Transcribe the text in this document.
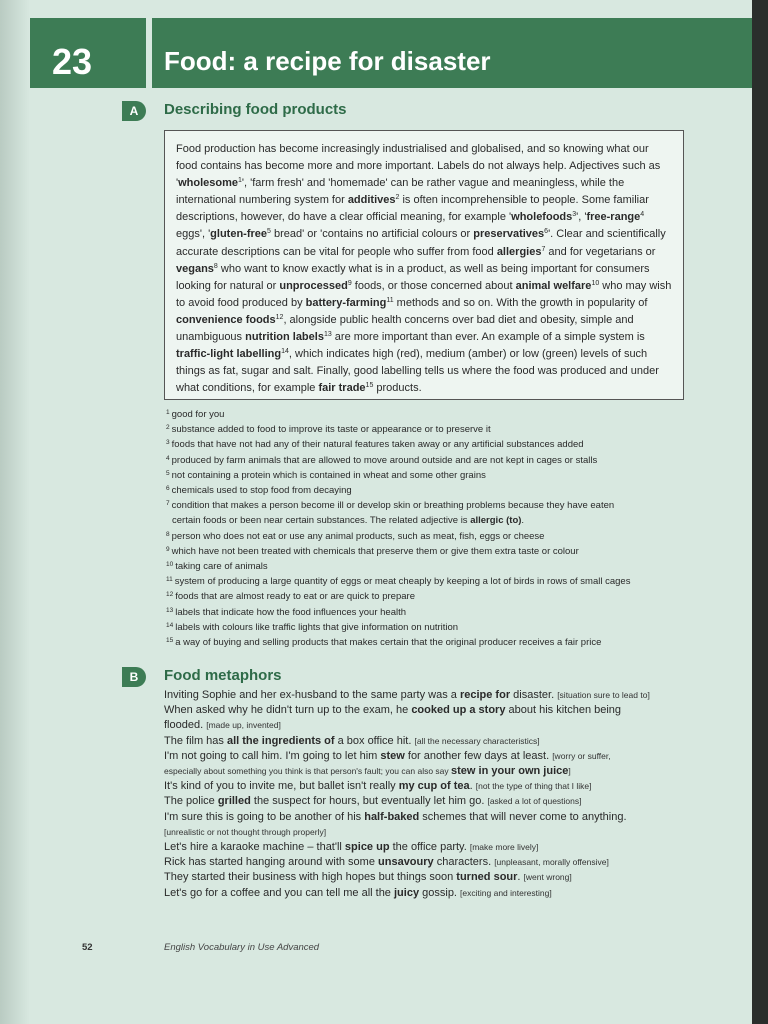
23	Food: a recipe for disaster
A	Describing food products

Food production has become increasingly industrialised and globalised, and so knowing what our food contains has become more and more important. Labels do not always help. Adjectives such as 'wholesome$^1$', 'farm fresh' and 'homemade' can be rather vague and meaningless, while the international numbering system for additives$^2$ is often incomprehensible to people. Some familiar descriptions, however, do have a clear official meaning, for example 'wholefoods$^3$', 'free-range$^4$ eggs', 'gluten-free$^5$ bread' or 'contains no artificial colours or preservatives$^6$'. Clear and scientifically accurate descriptions can be vital for people who suffer from food allergies$^7$ and for vegetarians or vegans$^8$ who want to know exactly what is in a product, as well as being important for consumers looking for natural or unprocessed$^9$ foods, or those concerned about animal welfare$^{10}$ who may wish to avoid food produced by battery-farming$^{11}$ methods and so on. With the growth in popularity of convenience foods$^{12}$, alongside public health concerns over bad diet and obesity, simple and unambiguous nutrition labels$^{13}$ are more important than ever. An example of a simple system is traffic-light labelling$^{14}$, which indicates high (red), medium (amber) or low (green) levels of such things as fat, sugar and salt. Finally, good labelling tells us where the food was produced and under what conditions, for example fair trade$^{15}$ products.

$^1$ good for you
$^2$ substance added to food to improve its taste or appearance or to preserve it
$^3$ foods that have not had any of their natural features taken away or any artificial substances added
$^4$ produced by farm animals that are allowed to move around outside and are not kept in cages or stalls
$^5$ not containing a protein which is contained in wheat and some other grains
$^6$ chemicals used to stop food from decaying
$^7$ condition that makes a person become ill or develop skin or breathing problems because they have eaten
certain foods or been near certain substances. The related adjective is allergic (to).
$^8$ person who does not eat or use any animal products, such as meat, fish, eggs or cheese
$^9$ which have not been treated with chemicals that preserve them or give them extra taste or colour
$^{10}$ taking care of animals
$^{11}$ system of producing a large quantity of eggs or meat cheaply by keeping a lot of birds in rows of small cages
$^{12}$ foods that are almost ready to eat or are quick to prepare
$^{13}$ labels that indicate how the food influences your health
$^{14}$ labels with colours like traffic lights that give information on nutrition
$^{15}$ a way of buying and selling products that makes certain that the original producer receives a fair price
B	Food metaphors
Inviting Sophie and her ex-husband to the same party was a recipe for disaster. [situation sure to lead to]
When asked why he didn't turn up to the exam, he cooked up a story about his kitchen being
flooded. [made up, invented]
The film has all the ingredients of a box office hit. [all the necessary characteristics]
I'm not going to call him. I'm going to let him stew for another few days at least. [worry or suffer,
especially about something you think is that person's fault; you can also say stew in your own juice]
It's kind of you to invite me, but ballet isn't really my cup of tea. [not the type of thing that I like]
The police grilled the suspect for hours, but eventually let him go. [asked a lot of questions]
I'm sure this is going to be another of his half-baked schemes that will never come to anything.
[unrealistic or not thought through properly]
Let's hire a karaoke machine – that'll spice up the office party. [make more lively]
Rick has started hanging around with some unsavoury characters. [unpleasant, morally offensive]
They started their business with high hopes but things soon turned sour. [went wrong]
Let's go for a coffee and you can tell me all the juicy gossip. [exciting and interesting]
52	English Vocabulary in Use Advanced
